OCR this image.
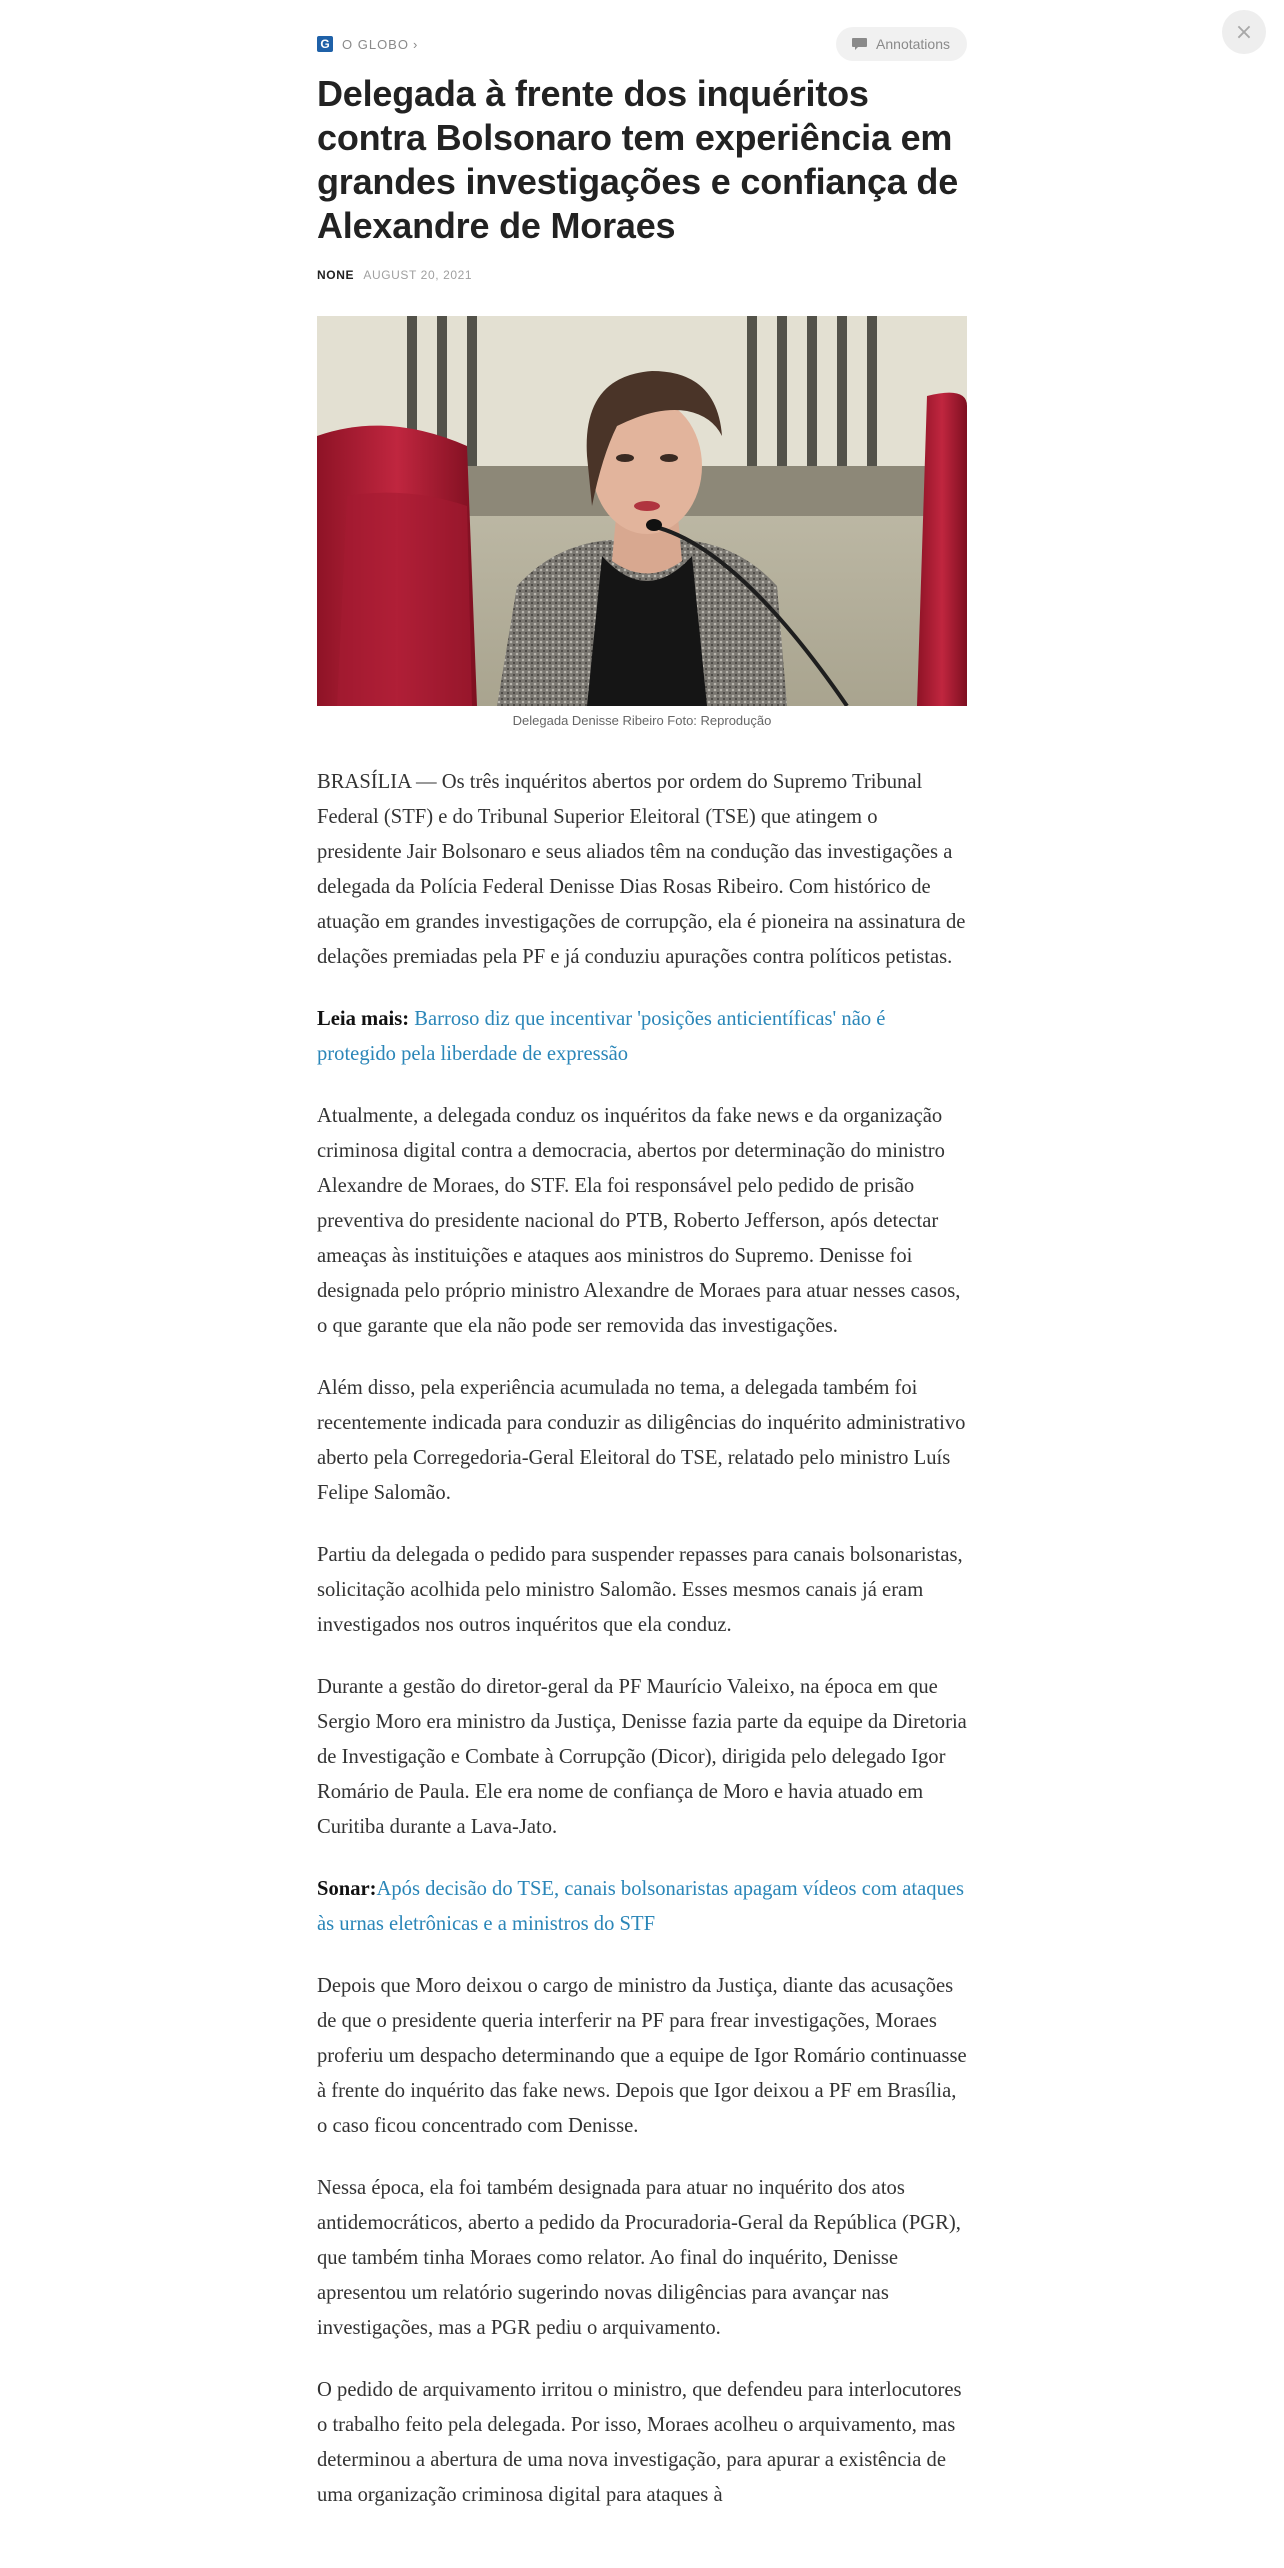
×
G O GLOBO ›	Annotations
Delegada à frente dos inquéritos contra Bolsonaro tem experiência em grandes investigações e confiança de Alexandre de Moraes
NONE AUGUST 20, 2021
Delegada Denisse Ribeiro Foto: Reprodução

BRASÍLIA — Os três inquéritos abertos por ordem do Supremo Tribunal Federal (STF) e do Tribunal Superior Eleitoral (TSE) que atingem o presidente Jair Bolsonaro e seus aliados têm na condução das investigações a delegada da Polícia Federal Denisse Dias Rosas Ribeiro. Com histórico de atuação em grandes investigações de corrupção, ela é pioneira na assinatura de delações premiadas pela PF e já conduziu apurações contra políticos petistas.

Leia mais: Barroso diz que incentivar 'posições anticientíficas' não é protegido pela liberdade de expressão

Atualmente, a delegada conduz os inquéritos da fake news e da organização criminosa digital contra a democracia, abertos por determinação do ministro Alexandre de Moraes, do STF. Ela foi responsável pelo pedido de prisão preventiva do presidente nacional do PTB, Roberto Jefferson, após detectar ameaças às instituições e ataques aos ministros do Supremo. Denisse foi designada pelo próprio ministro Alexandre de Moraes para atuar nesses casos, o que garante que ela não pode ser removida das investigações.

Além disso, pela experiência acumulada no tema, a delegada também foi recentemente indicada para conduzir as diligências do inquérito administrativo aberto pela Corregedoria-Geral Eleitoral do TSE, relatado pelo ministro Luís Felipe Salomão.

Partiu da delegada o pedido para suspender repasses para canais bolsonaristas, solicitação acolhida pelo ministro Salomão. Esses mesmos canais já eram investigados nos outros inquéritos que ela conduz.

Durante a gestão do diretor-geral da PF Maurício Valeixo, na época em que Sergio Moro era ministro da Justiça, Denisse fazia parte da equipe da Diretoria de Investigação e Combate à Corrupção (Dicor), dirigida pelo delegado Igor Romário de Paula. Ele era nome de confiança de Moro e havia atuado em Curitiba durante a Lava-Jato.

Sonar:Após decisão do TSE, canais bolsonaristas apagam vídeos com ataques às urnas eletrônicas e a ministros do STF

Depois que Moro deixou o cargo de ministro da Justiça, diante das acusações de que o presidente queria interferir na PF para frear investigações, Moraes proferiu um despacho determinando que a equipe de Igor Romário continuasse à frente do inquérito das fake news. Depois que Igor deixou a PF em Brasília, o caso ficou concentrado com Denisse.

Nessa época, ela foi também designada para atuar no inquérito dos atos antidemocráticos, aberto a pedido da Procuradoria-Geral da República (PGR), que também tinha Moraes como relator. Ao final do inquérito, Denisse apresentou um relatório sugerindo novas diligências para avançar nas investigações, mas a PGR pediu o arquivamento.

O pedido de arquivamento irritou o ministro, que defendeu para interlocutores o trabalho feito pela delegada. Por isso, Moraes acolheu o arquivamento, mas determinou a abertura de uma nova investigação, para apurar a existência de uma organização criminosa digital para ataques à
